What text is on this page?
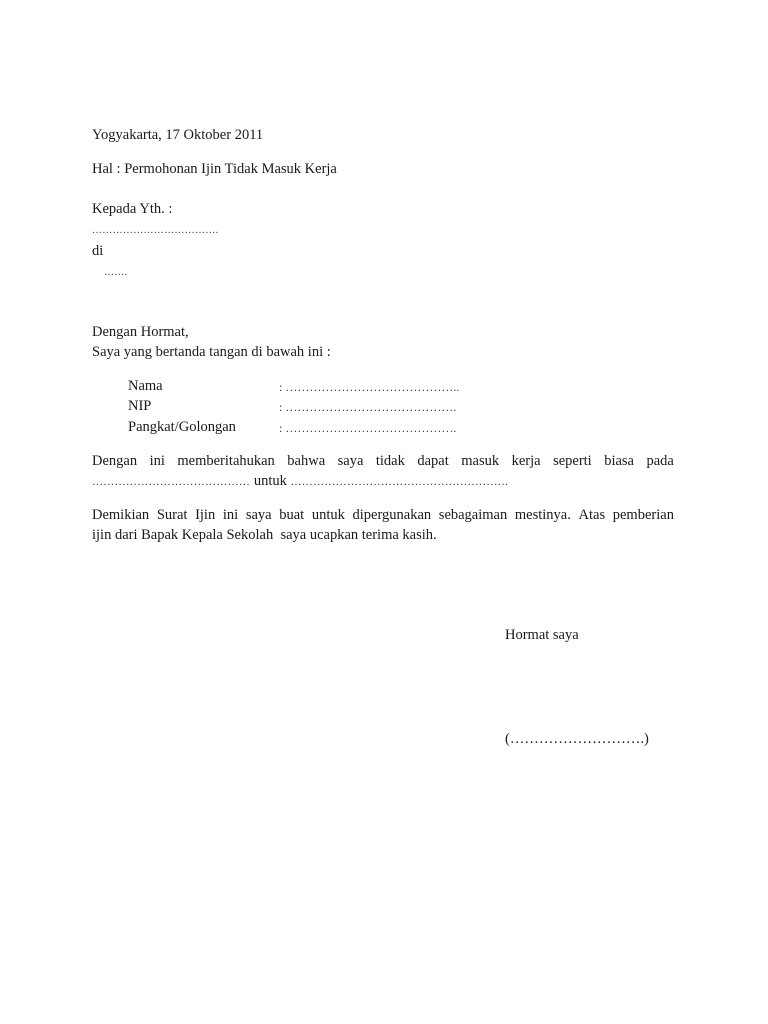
Yogyakarta, 17 Oktober 2011
Hal : Permohonan Ijin Tidak Masuk Kerja
Kepada Yth. :
……………………………….
di
…….
Dengan Hormat,
Saya yang bertanda tangan di bawah ini :
Nama	: ……………………………………..
NIP	: …………………………………….
Pangkat/Golongan	: …………………………………….
Dengan ini memberitahukan bahwa saya tidak dapat masuk kerja seperti biasa pada
…………………………………… untuk ………………………………………………….
Demikian Surat Ijin ini saya buat untuk dipergunakan sebagaiman mestinya. Atas pemberian
ijin dari Bapak Kepala Sekolah  saya ucapkan terima kasih.
Hormat saya
(……………………….)
